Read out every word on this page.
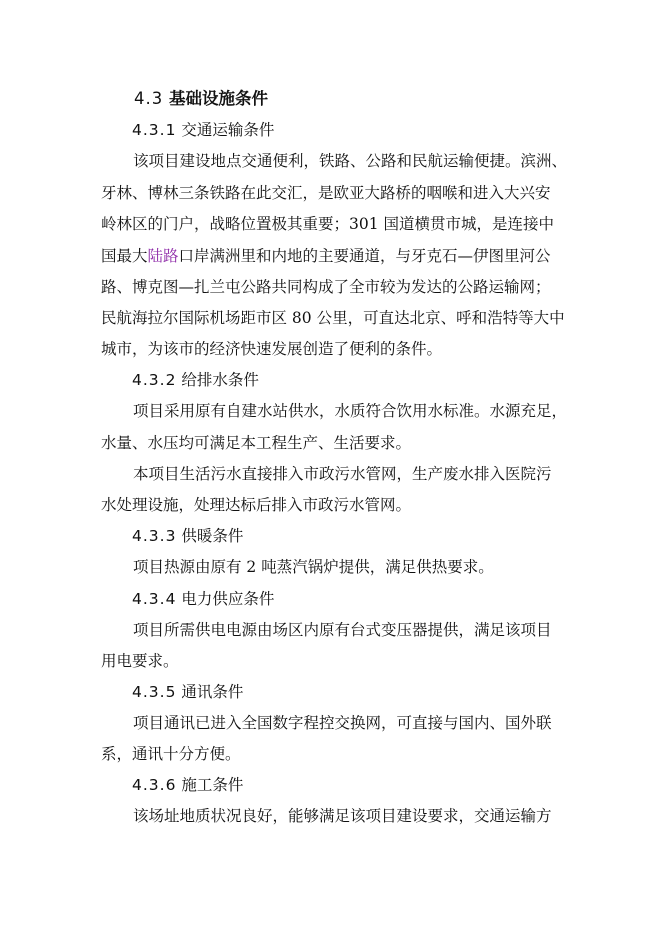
4.3 基础设施条件
4.3.1 交通运输条件
该项目建设地点交通便利，铁路、公路和民航运输便捷。滨洲、
牙林、博林三条铁路在此交汇，是欧亚大路桥的咽喉和进入大兴安
岭林区的门户，战略位置极其重要；301 国道横贯市城，是连接中
国最大陆路口岸满洲里和内地的主要通道，与牙克石—伊图里河公
路、博克图—扎兰屯公路共同构成了全市较为发达的公路运输网；
民航海拉尔国际机场距市区 80 公里，可直达北京、呼和浩特等大中
城市，为该市的经济快速发展创造了便利的条件。
4.3.2 给排水条件
项目采用原有自建水站供水，水质符合饮用水标准。水源充足，
水量、水压均可满足本工程生产、生活要求。
本项目生活污水直接排入市政污水管网，生产废水排入医院污
水处理设施，处理达标后排入市政污水管网。
4.3.3 供暖条件
项目热源由原有 2 吨蒸汽锅炉提供，满足供热要求。
4.3.4 电力供应条件
项目所需供电电源由场区内原有台式变压器提供，满足该项目
用电要求。
4.3.5 通讯条件
项目通讯已进入全国数字程控交换网，可直接与国内、国外联
系，通讯十分方便。
4.3.6 施工条件
该场址地质状况良好，能够满足该项目建设要求，交通运输方
